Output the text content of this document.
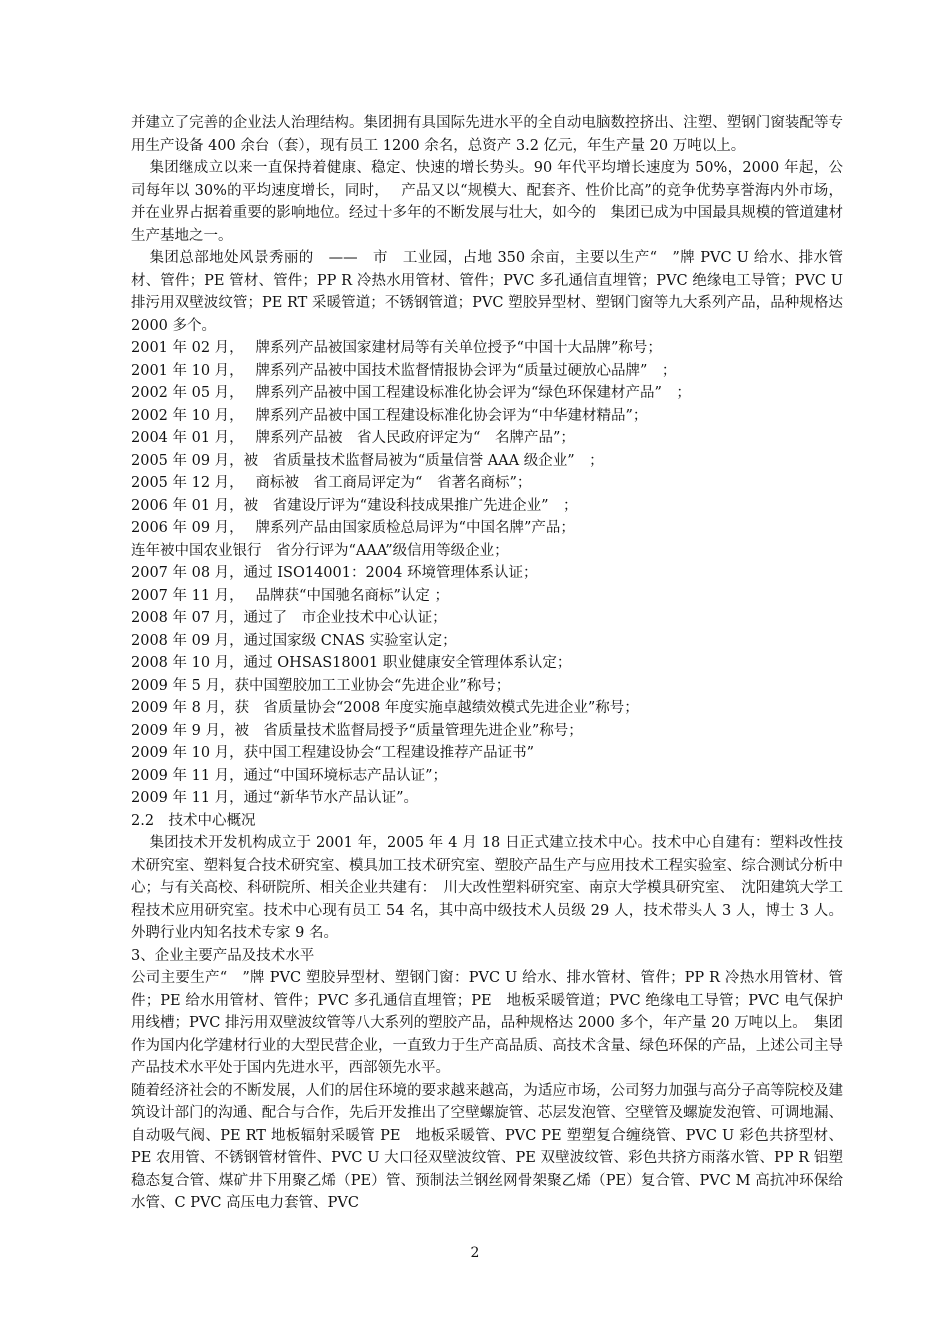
并建立了完善的企业法人治理结构。集团拥有具国际先进水平的全自动电脑数控挤出、注塑、塑钢门窗装配等专用生产设备 400 余台（套），现有员工 1200 余名，总资产 3.2 亿元，年生产量 20 万吨以上。

集团继成立以来一直保持着健康、稳定、快速的增长势头。90 年代平均增长速度为 50%，2000 年起，公司每年以 30%的平均速度增长，同时，　 产品又以“规模大、配套齐、性价比高”的竞争优势享誉海内外市场，并在业界占据着重要的影响地位。经过十多年的不断发展与壮大，如今的　集团已成为中国最具规模的管道建材生产基地之一。

集团总部地处风景秀丽的　——　市　工业园，占地 350 余亩，主要以生产“　”牌 PVC U 给水、排水管材、管件；PE 管材、管件；PP R 冷热水用管材、管件；PVC 多孔通信直埋管；PVC 绝缘电工导管；PVC U 排污用双壁波纹管；PE RT 采暖管道；不锈钢管道；PVC 塑胶异型材、塑钢门窗等九大系列产品，品种规格达 2000 多个。

2001 年 02 月，　 牌系列产品被国家建材局等有关单位授予“中国十大品牌”称号；

2001 年 10 月，　 牌系列产品被中国技术监督情报协会评为“质量过硬放心品牌”　；

2002 年 05 月，　 牌系列产品被中国工程建设标准化协会评为“绿色环保建材产品”　；

2002 年 10 月，　 牌系列产品被中国工程建设标准化协会评为“中华建材精品”；

2004 年 01 月，　 牌系列产品被　省人民政府评定为“　名牌产品”；

2005 年 09 月，被　省质量技术监督局被为“质量信誉 AAA 级企业”　；

2005 年 12 月，　 商标被　省工商局评定为“　省著名商标”；

2006 年 01 月，被　省建设厅评为“建设科技成果推广先进企业”　；

2006 年 09 月，　 牌系列产品由国家质检总局评为“中国名牌”产品；

连年被中国农业银行　省分行评为“AAA”级信用等级企业；

2007 年 08 月，通过 ISO14001：2004 环境管理体系认证；

2007 年 11 月，　 品牌获“中国驰名商标”认定 ；

2008 年 07 月，通过了　市企业技术中心认证；

2008 年 09 月，通过国家级 CNAS 实验室认定；

2008 年 10 月，通过 OHSAS18001 职业健康安全管理体系认定；

2009 年 5 月，获中国塑胶加工工业协会“先进企业”称号；

2009 年 8 月，获　省质量协会“2008 年度实施卓越绩效模式先进企业”称号；

2009 年 9 月，被　省质量技术监督局授予“质量管理先进企业”称号；

2009 年 10 月，获中国工程建设协会“工程建设推荐产品证书”

2009 年 11 月，通过“中国环境标志产品认证”；

2009 年 11 月，通过“新华节水产品认证”。

2.2　技术中心概况

集团技术开发机构成立于 2001 年，2005 年 4 月 18 日正式建立技术中心。技术中心自建有：塑料改性技术研究室、塑料复合技术研究室、模具加工技术研究室、塑胶产品生产与应用技术工程实验室、综合测试分析中心；与有关高校、科研院所、相关企业共建有：　川大改性塑料研究室、南京大学模具研究室、　沈阳建筑大学工程技术应用研究室。技术中心现有员工 54 名，其中高中级技术人员级 29 人，技术带头人 3 人，博士 3 人。外聘行业内知名技术专家 9 名。

3、企业主要产品及技术水平

公司主要生产“　”牌 PVC 塑胶异型材、塑钢门窗：PVC U 给水、排水管材、管件；PP R 冷热水用管材、管件；PE 给水用管材、管件；PVC 多孔通信直埋管；PE　地板采暖管道；PVC 绝缘电工导管；PVC 电气保护用线槽；PVC 排污用双壁波纹管等八大系列的塑胶产品，品种规格达 2000 多个，年产量 20 万吨以上。　集团作为国内化学建材行业的大型民营企业，一直致力于生产高品质、高技术含量、绿色环保的产品，上述公司主导产品技术水平处于国内先进水平，西部领先水平。

随着经济社会的不断发展，人们的居住环境的要求越来越高，为适应市场，公司努力加强与高分子高等院校及建筑设计部门的沟通、配合与合作，先后开发推出了空壁螺旋管、芯层发泡管、空壁管及螺旋发泡管、可调地漏、自动吸气阀、PE RT 地板辐射采暖管 PE　地板采暖管、PVC PE 塑塑复合缠绕管、PVC U 彩色共挤型材、PE 农用管、不锈钢管材管件、PVC U 大口径双壁波纹管、PE 双壁波纹管、彩色共挤方雨落水管、PP R 铝塑稳态复合管、煤矿井下用聚乙烯（PE）管、预制法兰钢丝网骨架聚乙烯（PE）复合管、PVC M 高抗冲环保给水管、C PVC 高压电力套管、PVC

2
